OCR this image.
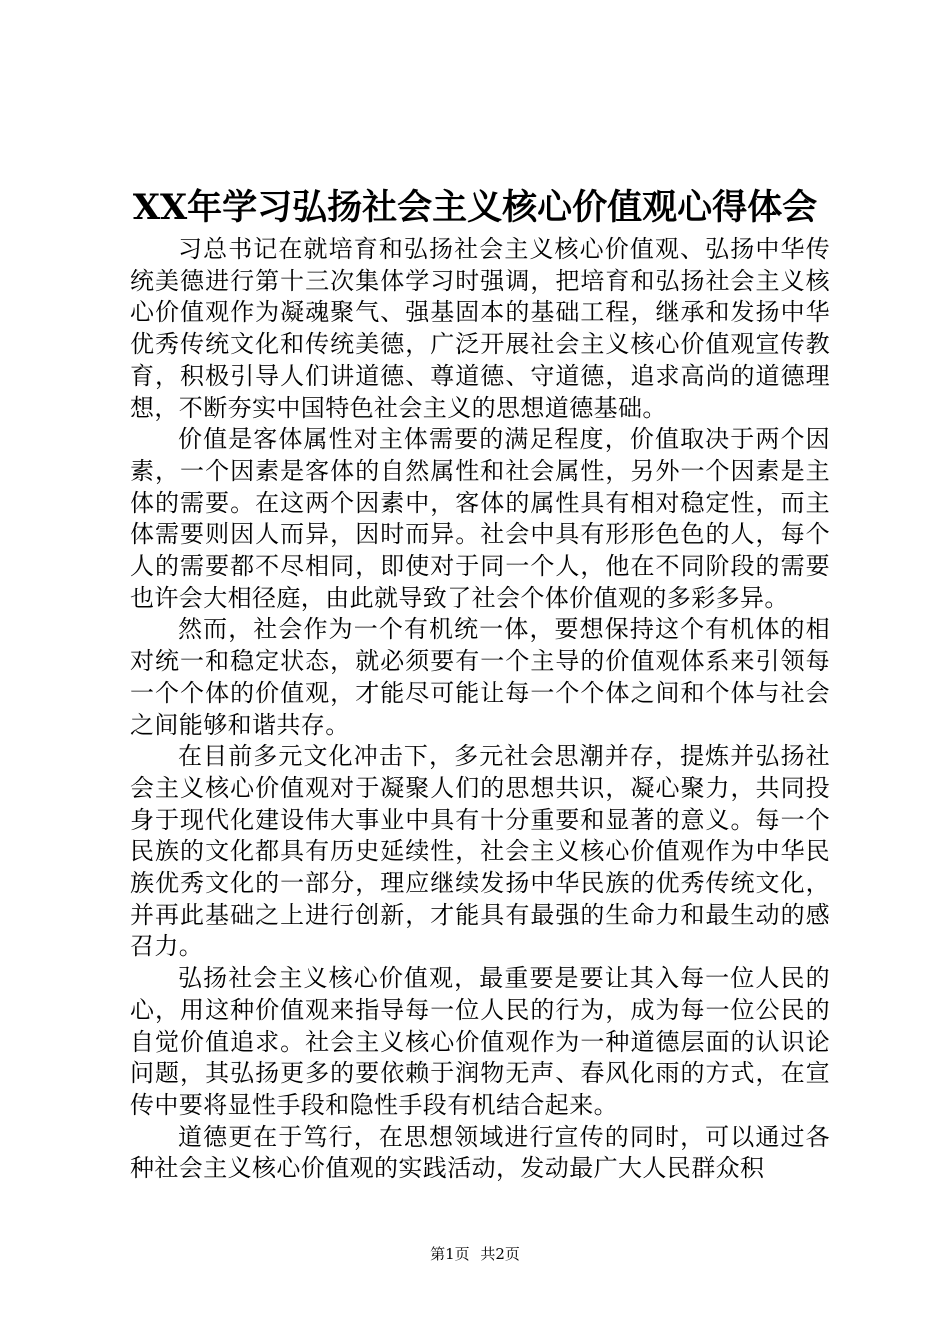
XX年学习弘扬社会主义核心价值观心得体会

习总书记在就培育和弘扬社会主义核心价值观、弘扬中华传统美德进行第十三次集体学习时强调，把培育和弘扬社会主义核心价值观作为凝魂聚气、强基固本的基础工程，继承和发扬中华优秀传统文化和传统美德，广泛开展社会主义核心价值观宣传教育，积极引导人们讲道德、尊道德、守道德，追求高尚的道德理想，不断夯实中国特色社会主义的思想道德基础。

价值是客体属性对主体需要的满足程度，价值取决于两个因素，一个因素是客体的自然属性和社会属性，另外一个因素是主体的需要。在这两个因素中，客体的属性具有相对稳定性，而主体需要则因人而异，因时而异。社会中具有形形色色的人，每个人的需要都不尽相同，即使对于同一个人，他在不同阶段的需要也许会大相径庭，由此就导致了社会个体价值观的多彩多异。

然而，社会作为一个有机统一体，要想保持这个有机体的相对统一和稳定状态，就必须要有一个主导的价值观体系来引领每一个个体的价值观，才能尽可能让每一个个体之间和个体与社会之间能够和谐共存。

在目前多元文化冲击下，多元社会思潮并存，提炼并弘扬社会主义核心价值观对于凝聚人们的思想共识，凝心聚力，共同投身于现代化建设伟大事业中具有十分重要和显著的意义。每一个民族的文化都具有历史延续性，社会主义核心价值观作为中华民族优秀文化的一部分，理应继续发扬中华民族的优秀传统文化，并再此基础之上进行创新，才能具有最强的生命力和最生动的感召力。

弘扬社会主义核心价值观，最重要是要让其入每一位人民的心，用这种价值观来指导每一位人民的行为，成为每一位公民的自觉价值追求。社会主义核心价值观作为一种道德层面的认识论问题，其弘扬更多的要依赖于润物无声、春风化雨的方式，在宣传中要将显性手段和隐性手段有机结合起来。

道德更在于笃行，在思想领域进行宣传的同时，可以通过各种社会主义核心价值观的实践活动，发动最广大人民群众积

第1页 共2页
